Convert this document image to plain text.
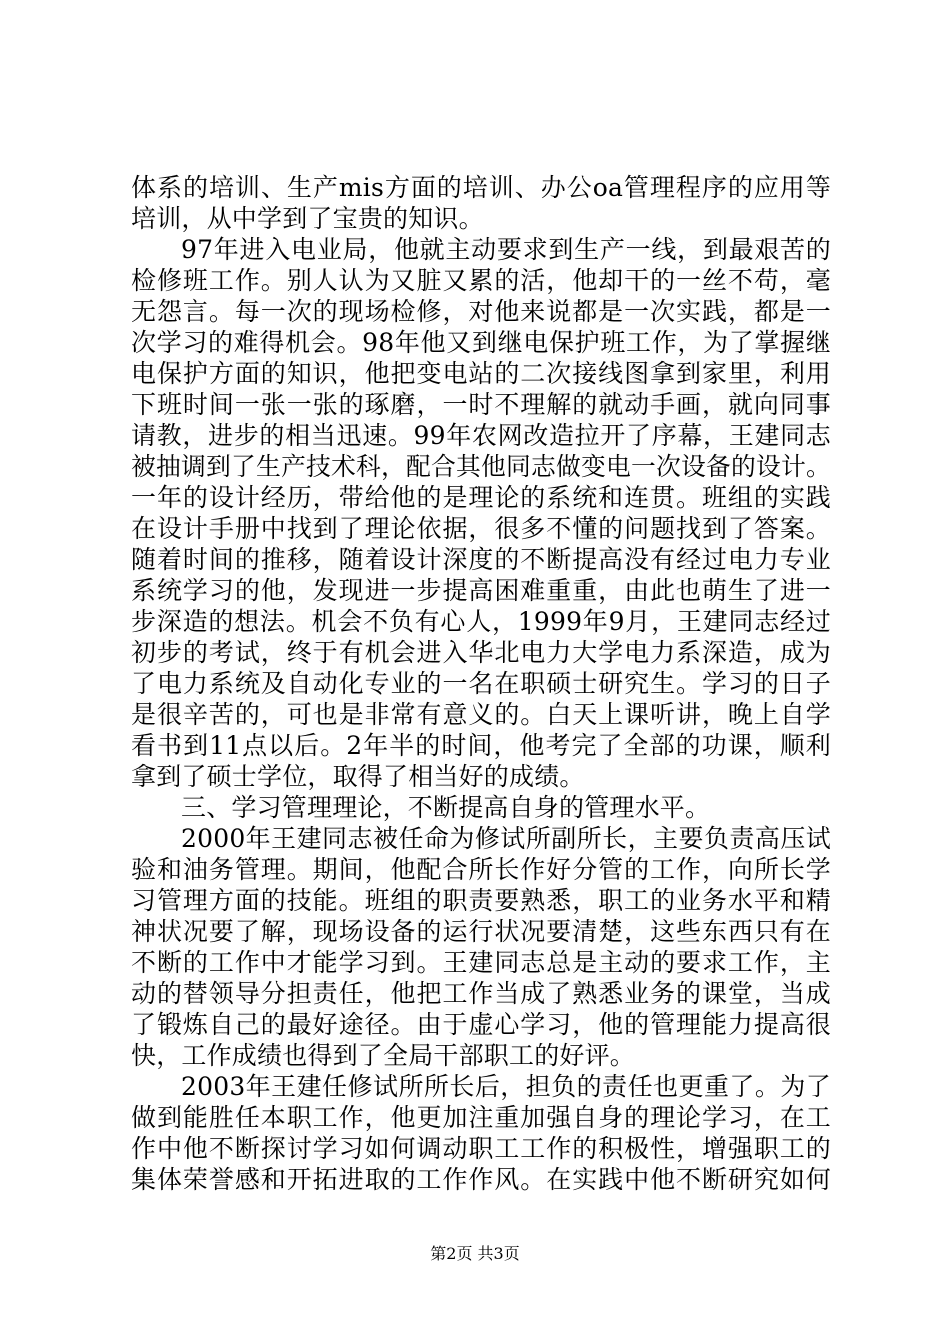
体系的培训、生产mis方面的培训、办公oa管理程序的应用等
培训，从中学到了宝贵的知识。
97年进入电业局，他就主动要求到生产一线，到最艰苦的
检修班工作。别人认为又脏又累的活，他却干的一丝不苟，毫
无怨言。每一次的现场检修，对他来说都是一次实践，都是一
次学习的难得机会。98年他又到继电保护班工作，为了掌握继
电保护方面的知识，他把变电站的二次接线图拿到家里，利用
下班时间一张一张的琢磨，一时不理解的就动手画，就向同事
请教，进步的相当迅速。99年农网改造拉开了序幕，王建同志
被抽调到了生产技术科，配合其他同志做变电一次设备的设计。
一年的设计经历，带给他的是理论的系统和连贯。班组的实践
在设计手册中找到了理论依据，很多不懂的问题找到了答案。
随着时间的推移，随着设计深度的不断提高没有经过电力专业
系统学习的他，发现进一步提高困难重重，由此也萌生了进一
步深造的想法。机会不负有心人，1999年9月，王建同志经过
初步的考试，终于有机会进入华北电力大学电力系深造，成为
了电力系统及自动化专业的一名在职硕士研究生。学习的日子
是很辛苦的，可也是非常有意义的。白天上课听讲，晚上自学
看书到11点以后。2年半的时间，他考完了全部的功课，顺利
拿到了硕士学位，取得了相当好的成绩。
三、学习管理理论，不断提高自身的管理水平。
2000年王建同志被任命为修试所副所长，主要负责高压试
验和油务管理。期间，他配合所长作好分管的工作，向所长学
习管理方面的技能。班组的职责要熟悉，职工的业务水平和精
神状况要了解，现场设备的运行状况要清楚，这些东西只有在
不断的工作中才能学习到。王建同志总是主动的要求工作，主
动的替领导分担责任，他把工作当成了熟悉业务的课堂，当成
了锻炼自己的最好途径。由于虚心学习，他的管理能力提高很
快，工作成绩也得到了全局干部职工的好评。
2003年王建任修试所所长后，担负的责任也更重了。为了
做到能胜任本职工作，他更加注重加强自身的理论学习，在工
作中他不断探讨学习如何调动职工工作的积极性，增强职工的
集体荣誉感和开拓进取的工作作风。在实践中他不断研究如何
第2页 共3页
